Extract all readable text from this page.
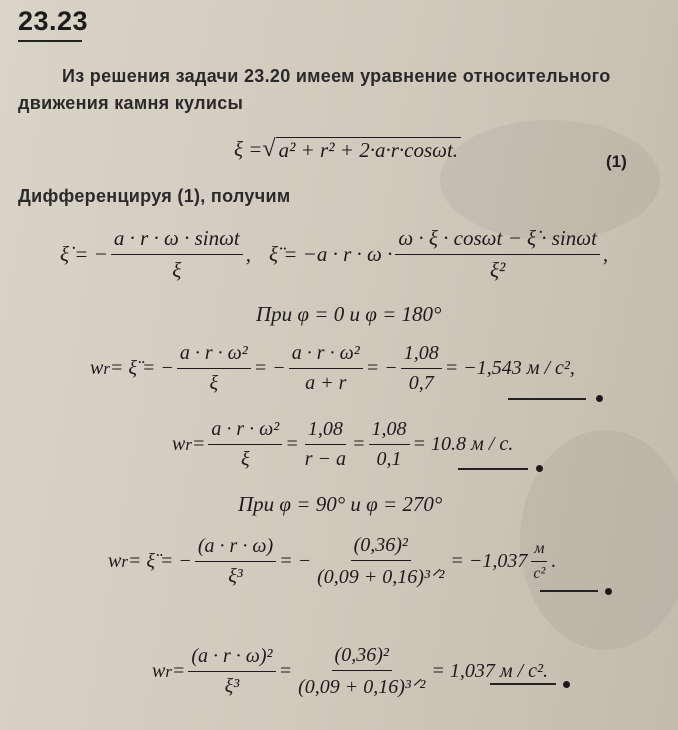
23.23
Из решения задачи 23.20 имеем уравнение относительного
движения камня кулисы
ξ = √ a² + r² + 2·a·r·cosωt.	(1)
Дифференцируя (1), получим
ξ̇ = − $\frac{a \cdot r \cdot \omega \cdot \sin\omega t}{\xi}$ , ξ̈ = $-a \cdot r \cdot \omega \cdot \frac{\omega \cdot \xi \cdot \cos\omega t - \xi̇ \cdot \sin\omega t}{\text{ξ²}}$ ,
При φ = 0 и φ = 180°
w r = ξ̈ = − $\frac{\text{a · r · ω²}}{\xi}$ = − $\frac{\text{a · r · ω²}}{a + r}$ = − $\frac{1,08}{0,7} = -1,543$ м / с²,
w $r = \frac{\text{a · r · ω²}}{\xi} = \frac{1,08}{r - a} = \frac{1,08}{0,1} = 10.8$ м / с.
При φ = 90° и φ = 270°
w r = ξ̈ = − $\frac{(a \cdot r \cdot \omega)}{\text{ξ³}}$ = − $\frac{\text{(0,36)²}}{\text{(0,09 + 0,16)³ᐟ²}} = -1,037 \frac{м}{\text{с²}}$ .
w $r = \frac{\text{(a · r · ω)²}}{\text{ξ³}} = \frac{\text{(0,36)²}}{\text{(0,09 + 0,16)³ᐟ²}} = 1,037$ м / с².
